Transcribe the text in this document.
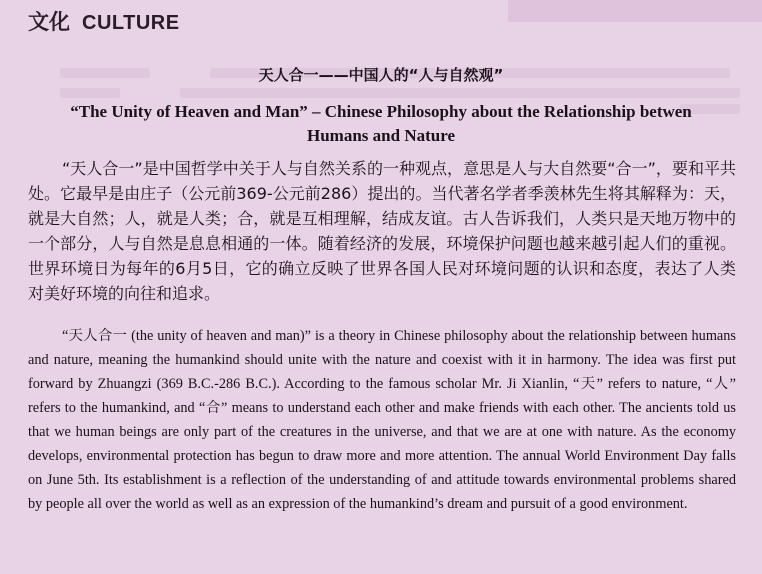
文化 CULTURE
天人合一——中国人的“人与自然观”
“The Unity of Heaven and Man” – Chinese Philosophy about the Relationship betwen Humans and Nature

“天人合一”是中国哲学中关于人与自然关系的一种观点，意思是人与大自然要“合一”，要和平共处。它最早是由庄子（公元前369-公元前286）提出的。当代著名学者季羡林先生将其解释为：天，就是大自然；人，就是人类；合，就是互相理解，结成友谊。古人告诉我们，人类只是天地万物中的一个部分，人与自然是息息相通的一体。随着经济的发展，环境保护问题也越来越引起人们的重视。世界环境日为每年的6月5日，它的确立反映了世界各国人民对环境问题的认识和态度，表达了人类对美好环境的向往和追求。

“天人合一 (the unity of heaven and man)” is a theory in Chinese philosophy about the relationship between humans and nature, meaning the humankind should unite with the nature and coexist with it in harmony. The idea was first put forward by Zhuangzi (369 B.C.-286 B.C.). According to the famous scholar Mr. Ji Xianlin, “天” refers to nature, “人” refers to the humankind, and “合” means to understand each other and make friends with each other. The ancients told us that we human beings are only part of the creatures in the universe, and that we are at one with nature. As the economy develops, environmental protection has begun to draw more and more attention. The annual World Environment Day falls on June 5th. Its establishment is a reflection of the understanding of and attitude towards environmental problems shared by people all over the world as well as an expression of the humankind’s dream and pursuit of a good environment.
